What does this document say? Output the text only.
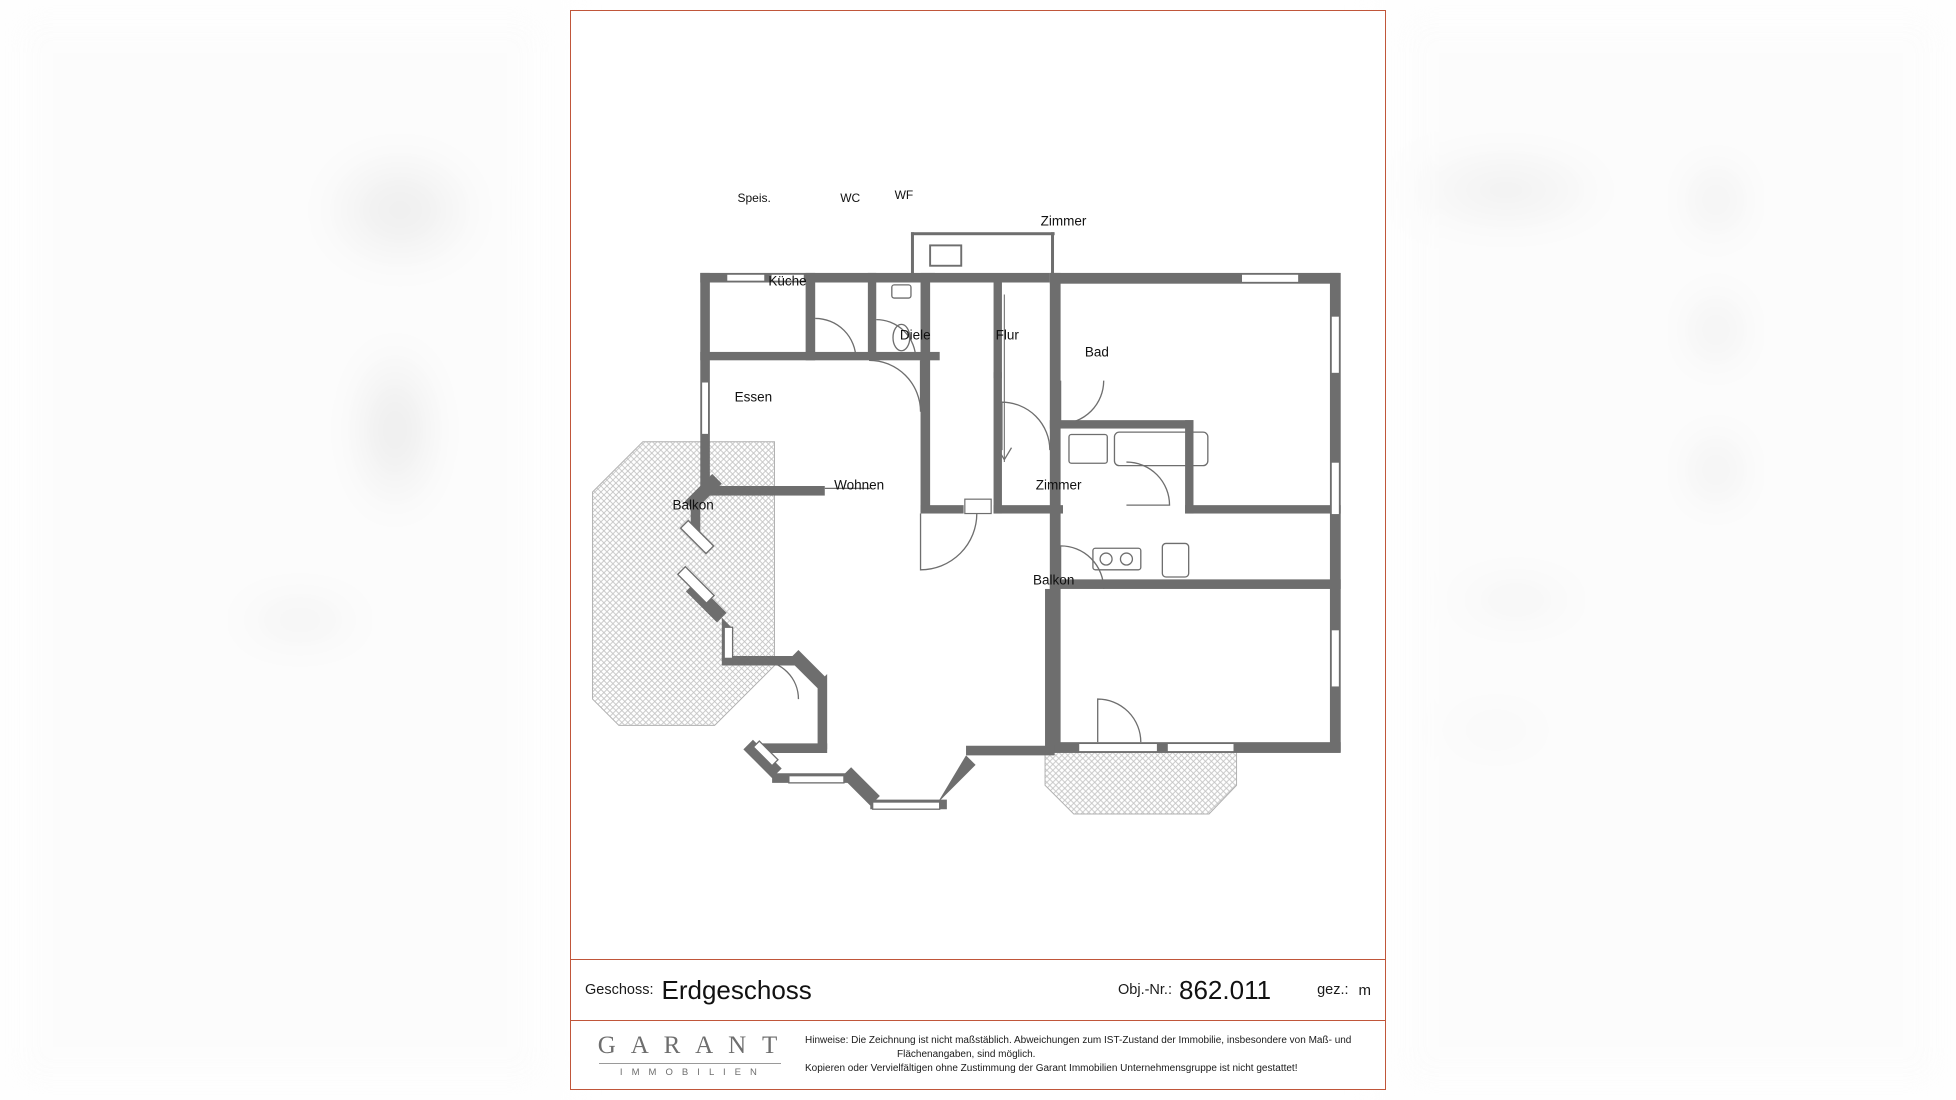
Speis.	WC	WF
Zimmer
Küche
Diele	Flur
Bad
Essen
Balkon
Wohnen	Zimmer
Balkon
Geschoss: Erdgeschoss	Obj.-Nr.: 862.011	gez.: m
G A R A N T
I M M O B I L I E N
Hinweise: Die Zeichnung ist nicht maßstäblich. Abweichungen zum IST-Zustand der Immobilie, insbesondere von Maß- und
Flächenangaben, sind möglich.
Kopieren oder Vervielfältigen ohne Zustimmung der Garant Immobilien Unternehmensgruppe ist nicht gestattet!
